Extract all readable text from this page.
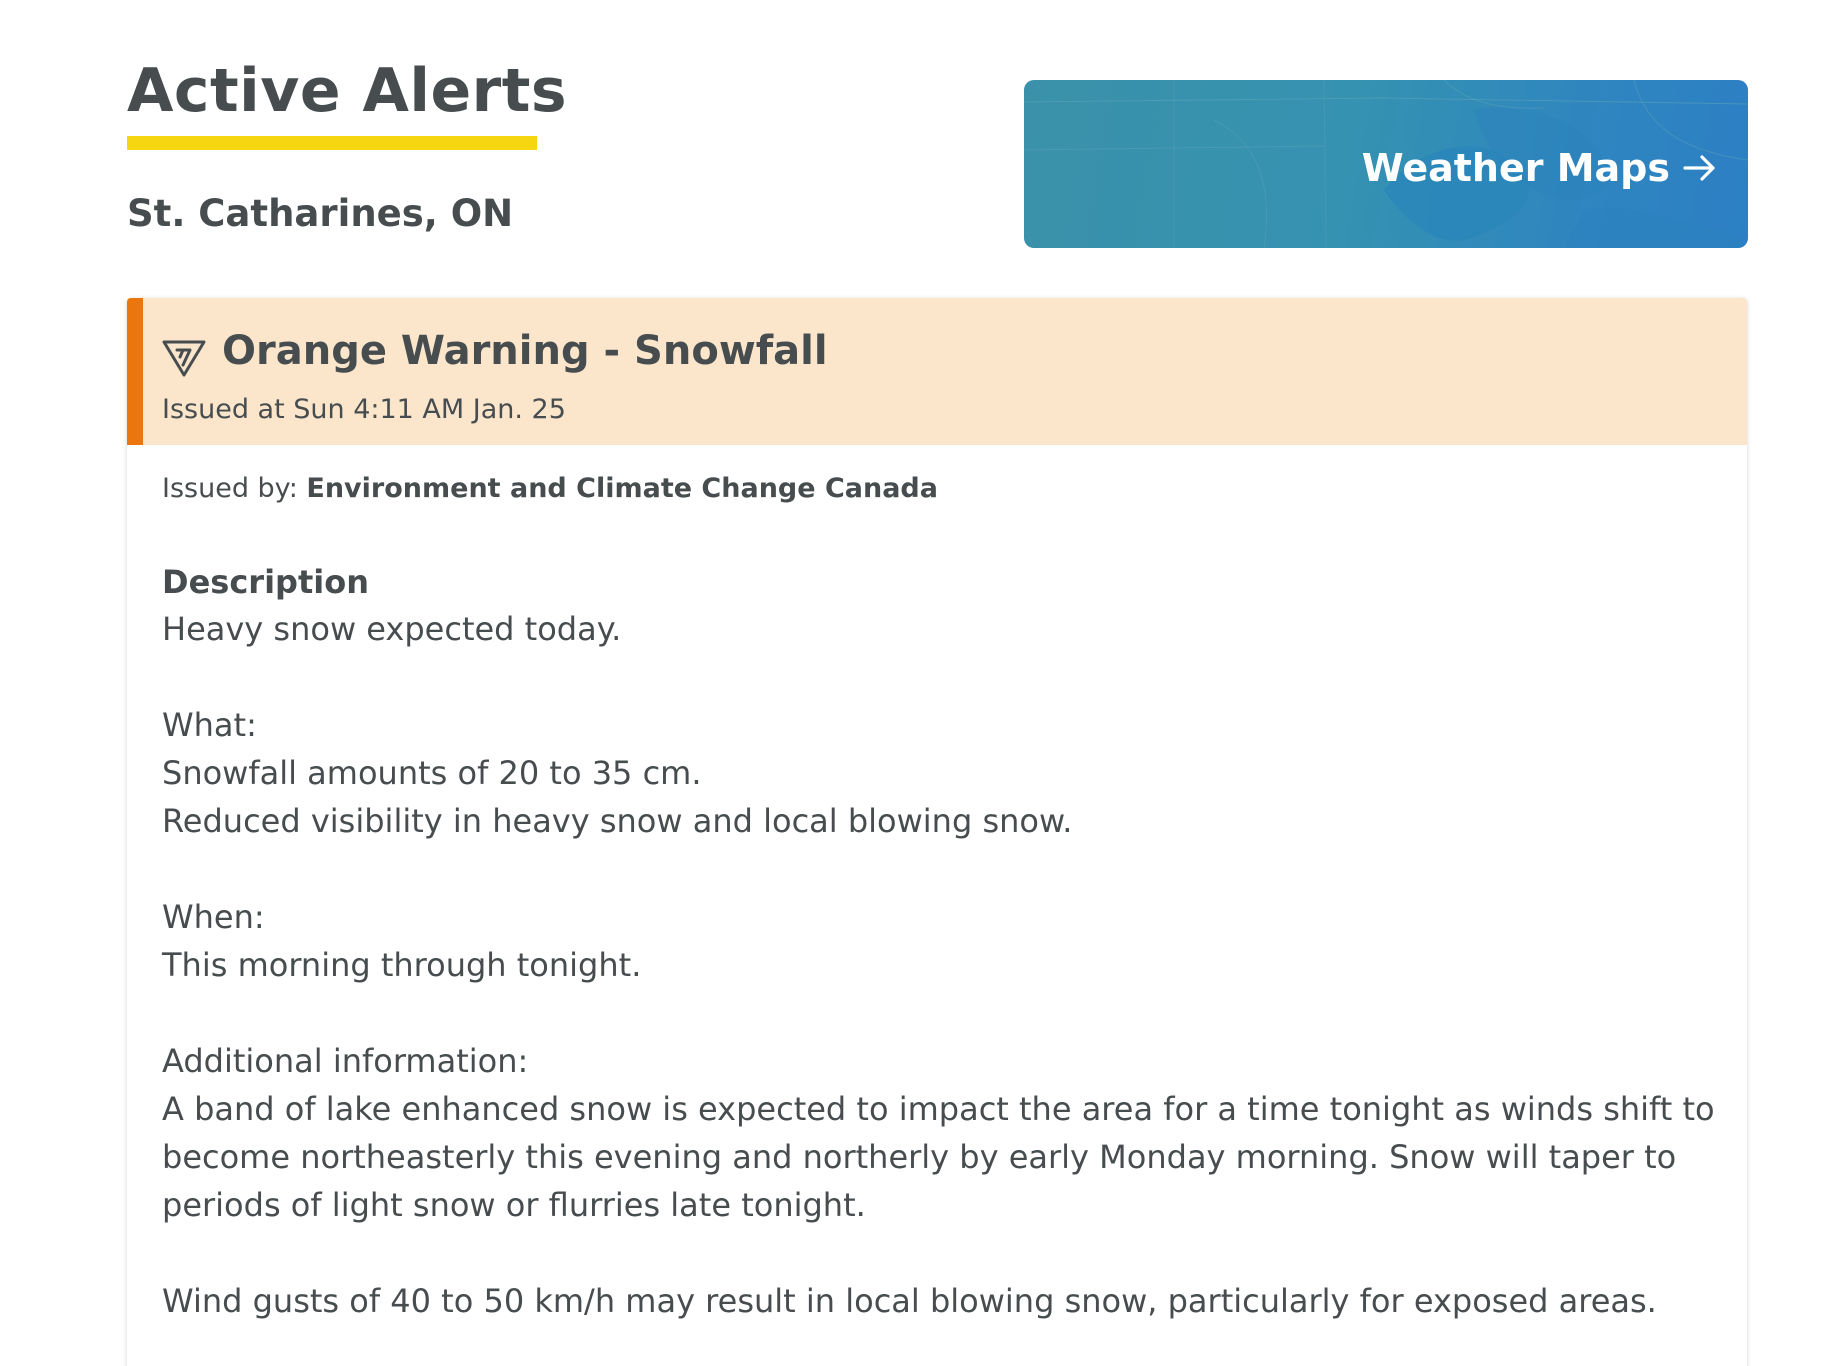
Active Alerts
St. Catharines, ON
Weather Maps
Orange Warning - Snowfall
Issued at Sun 4:11 AM Jan. 25
Issued by: Environment and Climate Change Canada
Description

Heavy snow expected today.

What:

Snowfall amounts of 20 to 35 cm.

Reduced visibility in heavy snow and local blowing snow.

When:

This morning through tonight.

Additional information:

A band of lake enhanced snow is expected to impact the area for a time tonight as winds shift to

become northeasterly this evening and northerly by early Monday morning. Snow will taper to

periods of light snow or flurries late tonight.

Wind gusts of 40 to 50 km/h may result in local blowing snow, particularly for exposed areas.
